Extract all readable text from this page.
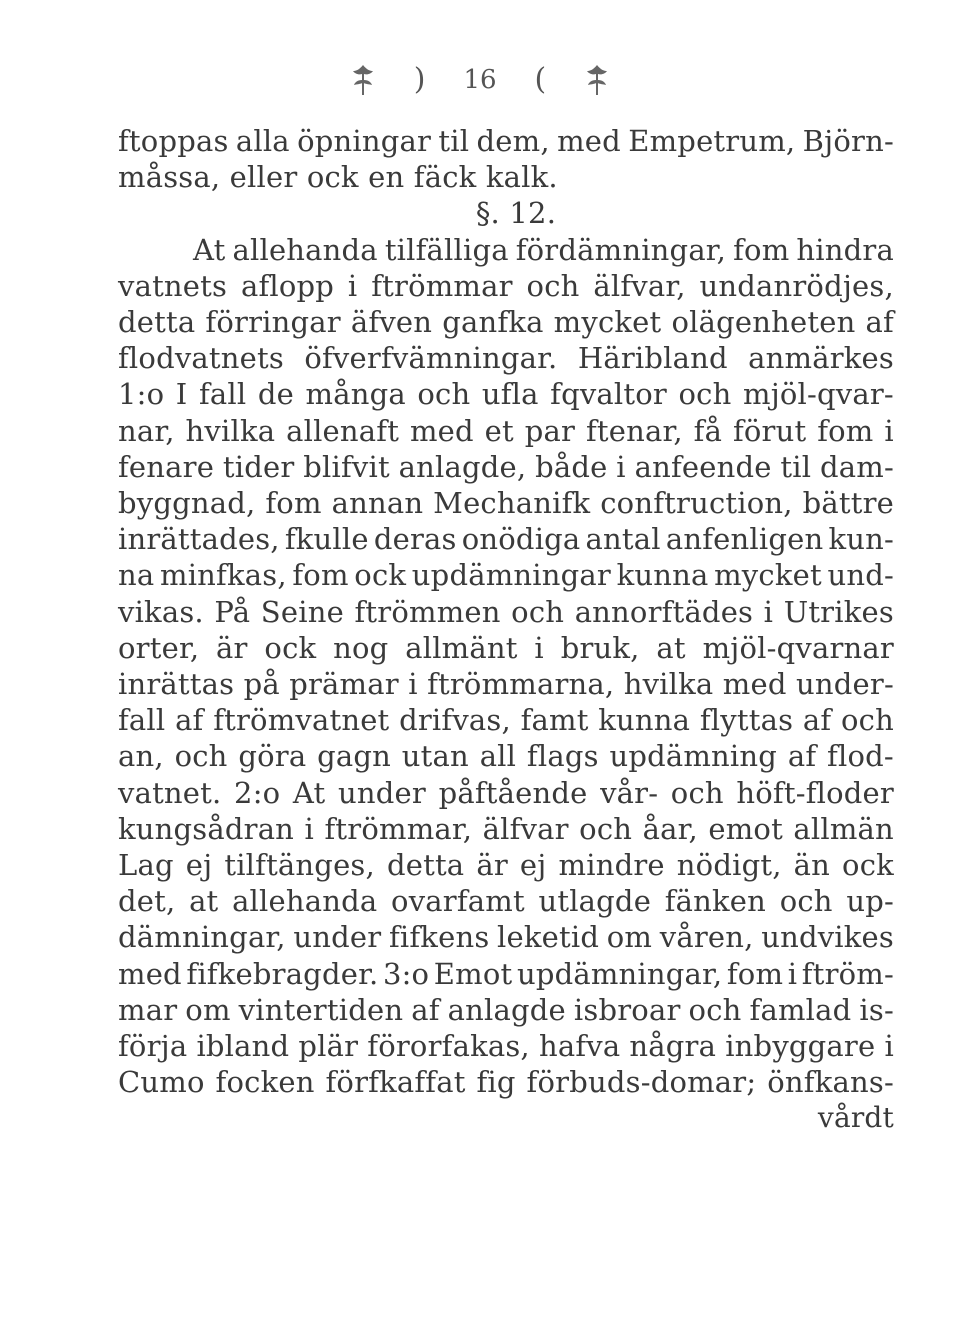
) 16 (
ftoppas alla öpningar til dem, med Empetrum, Björn-
måssa, eller ock en fäck kalk.
§. 12.
At allehanda tilfälliga fördämningar, fom hindra
vatnets aflopp i ftrömmar och älfvar, undanrödjes,
detta förringar äfven ganfka mycket olägenheten af
flodvatnets öfverfvämningar. Häribland anmärkes
1:o I fall de många och ufla fqvaltor och mjöl-qvar-
nar, hvilka allenaft med et par ftenar, få förut fom i
fenare tider blifvit anlagde, både i anfeende til dam-
byggnad, fom annan Mechanifk conftruction, bättre
inrättades, fkulle deras onödiga antal anfenligen kun-
na minfkas, fom ock updämningar kunna mycket und-
vikas. På Seine ftrömmen och annorftädes i Utrikes
orter, är ock nog allmänt i bruk, at mjöl-qvarnar
inrättas på prämar i ftrömmarna, hvilka med under-
fall af ftrömvatnet drifvas, famt kunna flyttas af och
an, och göra gagn utan all flags updämning af flod-
vatnet. 2:o At under påftående vår- och höft-floder
kungsådran i ftrömmar, älfvar och åar, emot allmän
Lag ej tilftänges, detta är ej mindre nödigt, än ock
det, at allehanda ovarfamt utlagde fänken och up-
dämningar, under fifkens leketid om våren, undvikes
med fifkebragder. 3:o Emot updämningar, fom i ftröm-
mar om vintertiden af anlagde isbroar och famlad is-
förja ibland plär förorfakas, hafva några inbyggare i
Cumo focken förfkaffat fig förbuds-domar; önfkans-
vårdt
